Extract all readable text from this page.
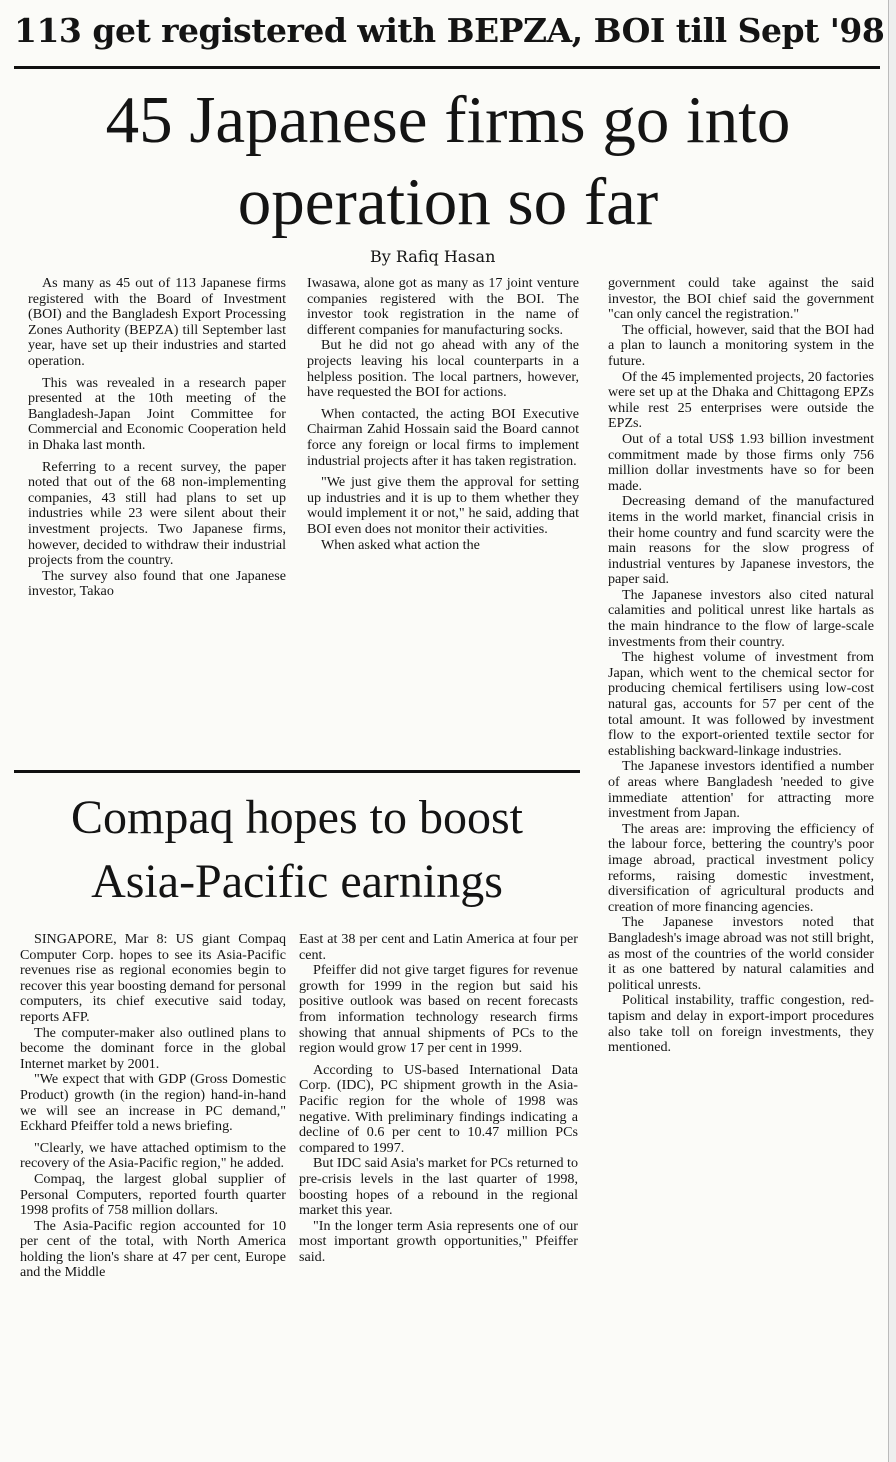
113 get registered with BEPZA, BOI till Sept '98
45 Japanese firms go into
operation so far
By Rafiq Hasan

As many as 45 out of 113 Japanese firms registered with the Board of Investment (BOI) and the Bangladesh Export Processing Zones Authority (BEPZA) till September last year, have set up their industries and started operation.

This was revealed in a research paper presented at the 10th meeting of the Bangladesh-Japan Joint Committee for Commercial and Economic Cooperation held in Dhaka last month.

Referring to a recent survey, the paper noted that out of the 68 non-implementing companies, 43 still had plans to set up industries while 23 were silent about their investment projects. Two Japanese firms, however, decided to withdraw their industrial projects from the country.

The survey also found that one Japanese investor, Takao

Iwasawa, alone got as many as 17 joint venture companies registered with the BOI. The investor took registration in the name of different companies for manufacturing socks.

But he did not go ahead with any of the projects leaving his local counterparts in a helpless position. The local partners, however, have requested the BOI for actions.

When contacted, the acting BOI Executive Chairman Zahid Hossain said the Board cannot force any foreign or local firms to implement industrial projects after it has taken registration.

"We just give them the approval for setting up industries and it is up to them whether they would implement it or not," he said, adding that BOI even does not monitor their activities.

When asked what action the

government could take against the said investor, the BOI chief said the government "can only cancel the registration."

The official, however, said that the BOI had a plan to launch a monitoring system in the future.

Of the 45 implemented projects, 20 factories were set up at the Dhaka and Chittagong EPZs while rest 25 enterprises were outside the EPZs.

Out of a total US$ 1.93 billion investment commitment made by those firms only 756 million dollar investments have so for been made.

Decreasing demand of the manufactured items in the world market, financial crisis in their home country and fund scarcity were the main reasons for the slow progress of industrial ventures by Japanese investors, the paper said.

The Japanese investors also cited natural calamities and political unrest like hartals as the main hindrance to the flow of large-scale investments from their country.

The highest volume of investment from Japan, which went to the chemical sector for producing chemical fertilisers using low-cost natural gas, accounts for 57 per cent of the total amount. It was followed by investment flow to the export-oriented textile sector for establishing backward-linkage industries.

The Japanese investors identified a number of areas where Bangladesh 'needed to give immediate attention' for attracting more investment from Japan.

The areas are: improving the efficiency of the labour force, bettering the country's poor image abroad, practical investment policy reforms, raising domestic investment, diversification of agricultural products and creation of more financing agencies.

The Japanese investors noted that Bangladesh's image abroad was not still bright, as most of the countries of the world consider it as one battered by natural calamities and political unrests.

Political instability, traffic congestion, red-tapism and delay in export-import procedures also take toll on foreign investments, they mentioned.

Compaq hopes to boost
Asia-Pacific earnings

SINGAPORE, Mar 8: US giant Compaq Computer Corp. hopes to see its Asia-Pacific revenues rise as regional economies begin to recover this year boosting demand for personal computers, its chief executive said today, reports AFP.

The computer-maker also outlined plans to become the dominant force in the global Internet market by 2001.

"We expect that with GDP (Gross Domestic Product) growth (in the region) hand-in-hand we will see an increase in PC demand," Eckhard Pfeiffer told a news briefing.

"Clearly, we have attached optimism to the recovery of the Asia-Pacific region," he added.

Compaq, the largest global supplier of Personal Computers, reported fourth quarter 1998 profits of 758 million dollars.

The Asia-Pacific region accounted for 10 per cent of the total, with North America holding the lion's share at 47 per cent, Europe and the Middle

East at 38 per cent and Latin America at four per cent.

Pfeiffer did not give target figures for revenue growth for 1999 in the region but said his positive outlook was based on recent forecasts from information technology research firms showing that annual shipments of PCs to the region would grow 17 per cent in 1999.

According to US-based International Data Corp. (IDC), PC shipment growth in the Asia-Pacific region for the whole of 1998 was negative. With preliminary findings indicating a decline of 0.6 per cent to 10.47 million PCs compared to 1997.

But IDC said Asia's market for PCs returned to pre-crisis levels in the last quarter of 1998, boosting hopes of a rebound in the regional market this year.

"In the longer term Asia represents one of our most important growth opportunities," Pfeiffer said.
